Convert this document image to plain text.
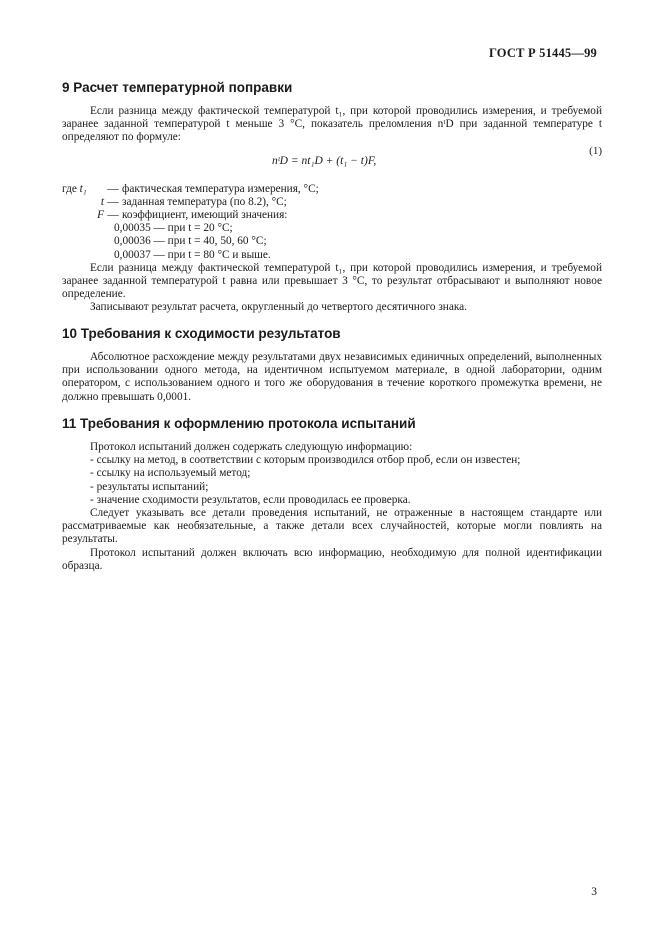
ГОСТ Р 51445—99
9 Расчет температурной поправки

Если разница между фактической температурой t₁, при которой проводились измерения, и требуемой заранее заданной температурой t меньше 3 °С, показатель преломления nᵗD при заданной температуре t определяют по формуле:

nᵗD = nt₁D + (t₁ − t)F,
(1)
где t₁	— фактическая температура измерения, °С;
t — заданная температура (по 8.2), °С;
F — коэффициент, имеющий значения:
0,00035 — при t = 20 °С;
0,00036 — при t = 40, 50, 60 °С;
0,00037 — при t = 80 °С и выше.

Если разница между фактической температурой t₁, при которой проводились измерения, и требуемой заранее заданной температурой t равна или превышает 3 °С, то результат отбрасывают и выполняют новое определение.

Записывают результат расчета, округленный до четвертого десятичного знака.

10 Требования к сходимости результатов

Абсолютное расхождение между результатами двух независимых единичных определений, выполненных при использовании одного метода, на идентичном испытуемом материале, в одной лаборатории, одним оператором, с использованием одного и того же оборудования в течение короткого промежутка времени, не должно превышать 0,0001.

11 Требования к оформлению протокола испытаний

Протокол испытаний должен содержать следующую информацию:

- ссылку на метод, в соответствии с которым производился отбор проб, если он известен;
- ссылку на используемый метод;
- результаты испытаний;
- значение сходимости результатов, если проводилась ее проверка.

Следует указывать все детали проведения испытаний, не отраженные в настоящем стандарте или рассматриваемые как необязательные, а также детали всех случайностей, которые могли повлиять на результаты.

Протокол испытаний должен включать всю информацию, необходимую для полной идентификации образца.

3
